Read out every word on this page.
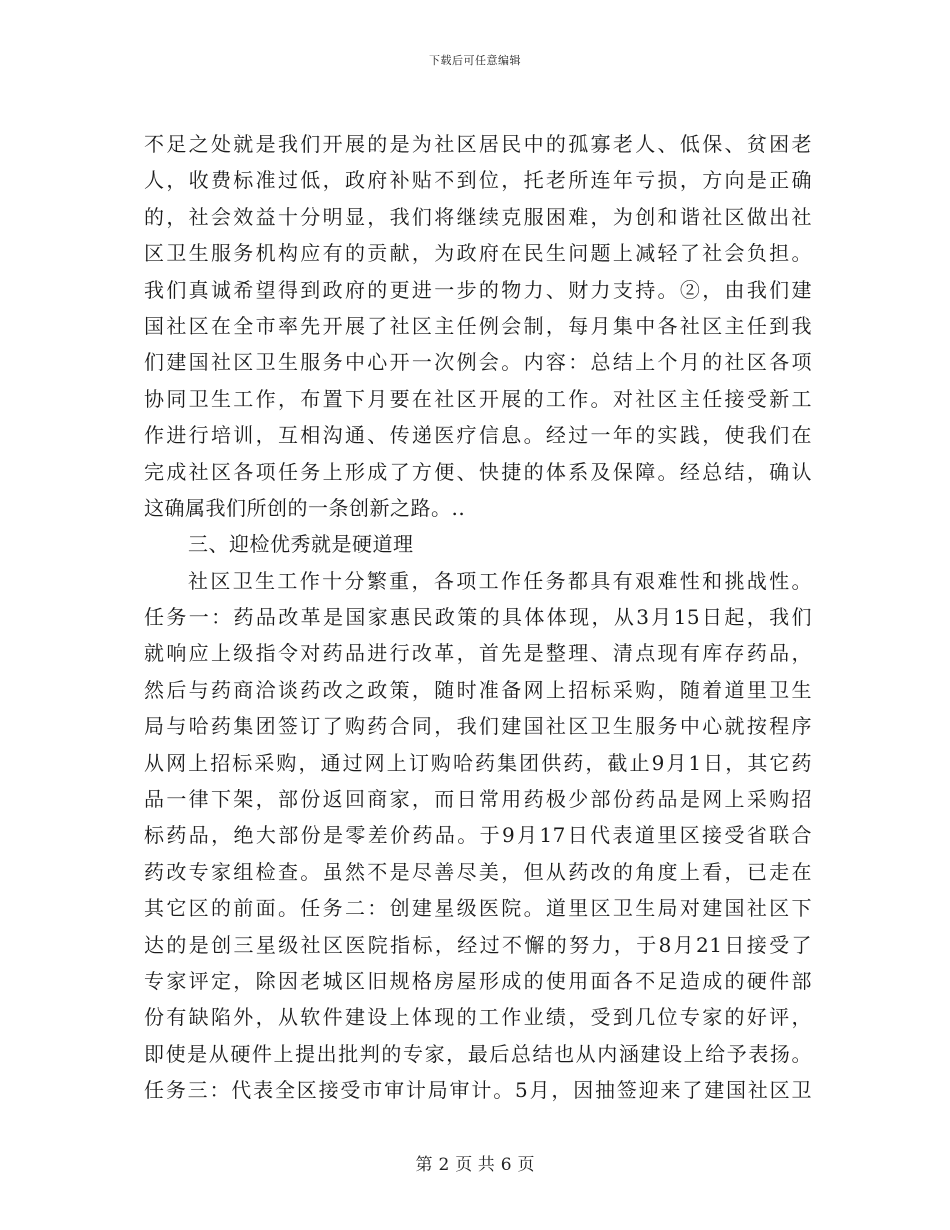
下载后可任意编辑
不足之处就是我们开展的是为社区居民中的孤寡老人、低保、贫困老
人，收费标准过低，政府补贴不到位，托老所连年亏损，方向是正确
的，社会效益十分明显，我们将继续克服困难，为创和谐社区做出社
区卫生服务机构应有的贡献，为政府在民生问题上减轻了社会负担。
我们真诚希望得到政府的更进一步的物力、财力支持。②，由我们建
国社区在全市率先开展了社区主任例会制，每月集中各社区主任到我
们建国社区卫生服务中心开一次例会。内容：总结上个月的社区各项
协同卫生工作，布置下月要在社区开展的工作。对社区主任接受新工
作进行培训，互相沟通、传递医疗信息。经过一年的实践，使我们在
完成社区各项任务上形成了方便、快捷的体系及保障。经总结，确认
这确属我们所创的一条创新之路。..
三、迎检优秀就是硬道理
社区卫生工作十分繁重，各项工作任务都具有艰难性和挑战性。
任务一：药品改革是国家惠民政策的具体体现，从3月15日起，我们
就响应上级指令对药品进行改革，首先是整理、清点现有库存药品，
然后与药商洽谈药改之政策，随时准备网上招标采购，随着道里卫生
局与哈药集团签订了购药合同，我们建国社区卫生服务中心就按程序
从网上招标采购，通过网上订购哈药集团供药，截止9月1日，其它药
品一律下架，部份返回商家，而日常用药极少部份药品是网上采购招
标药品，绝大部份是零差价药品。于9月17日代表道里区接受省联合
药改专家组检查。虽然不是尽善尽美，但从药改的角度上看，已走在
其它区的前面。任务二：创建星级医院。道里区卫生局对建国社区下
达的是创三星级社区医院指标，经过不懈的努力，于8月21日接受了
专家评定，除因老城区旧规格房屋形成的使用面各不足造成的硬件部
份有缺陷外，从软件建设上体现的工作业绩，受到几位专家的好评，
即使是从硬件上提出批判的专家，最后总结也从内涵建设上给予表扬。
任务三：代表全区接受市审计局审计。5月，因抽签迎来了建国社区卫
第 2 页 共 6 页
